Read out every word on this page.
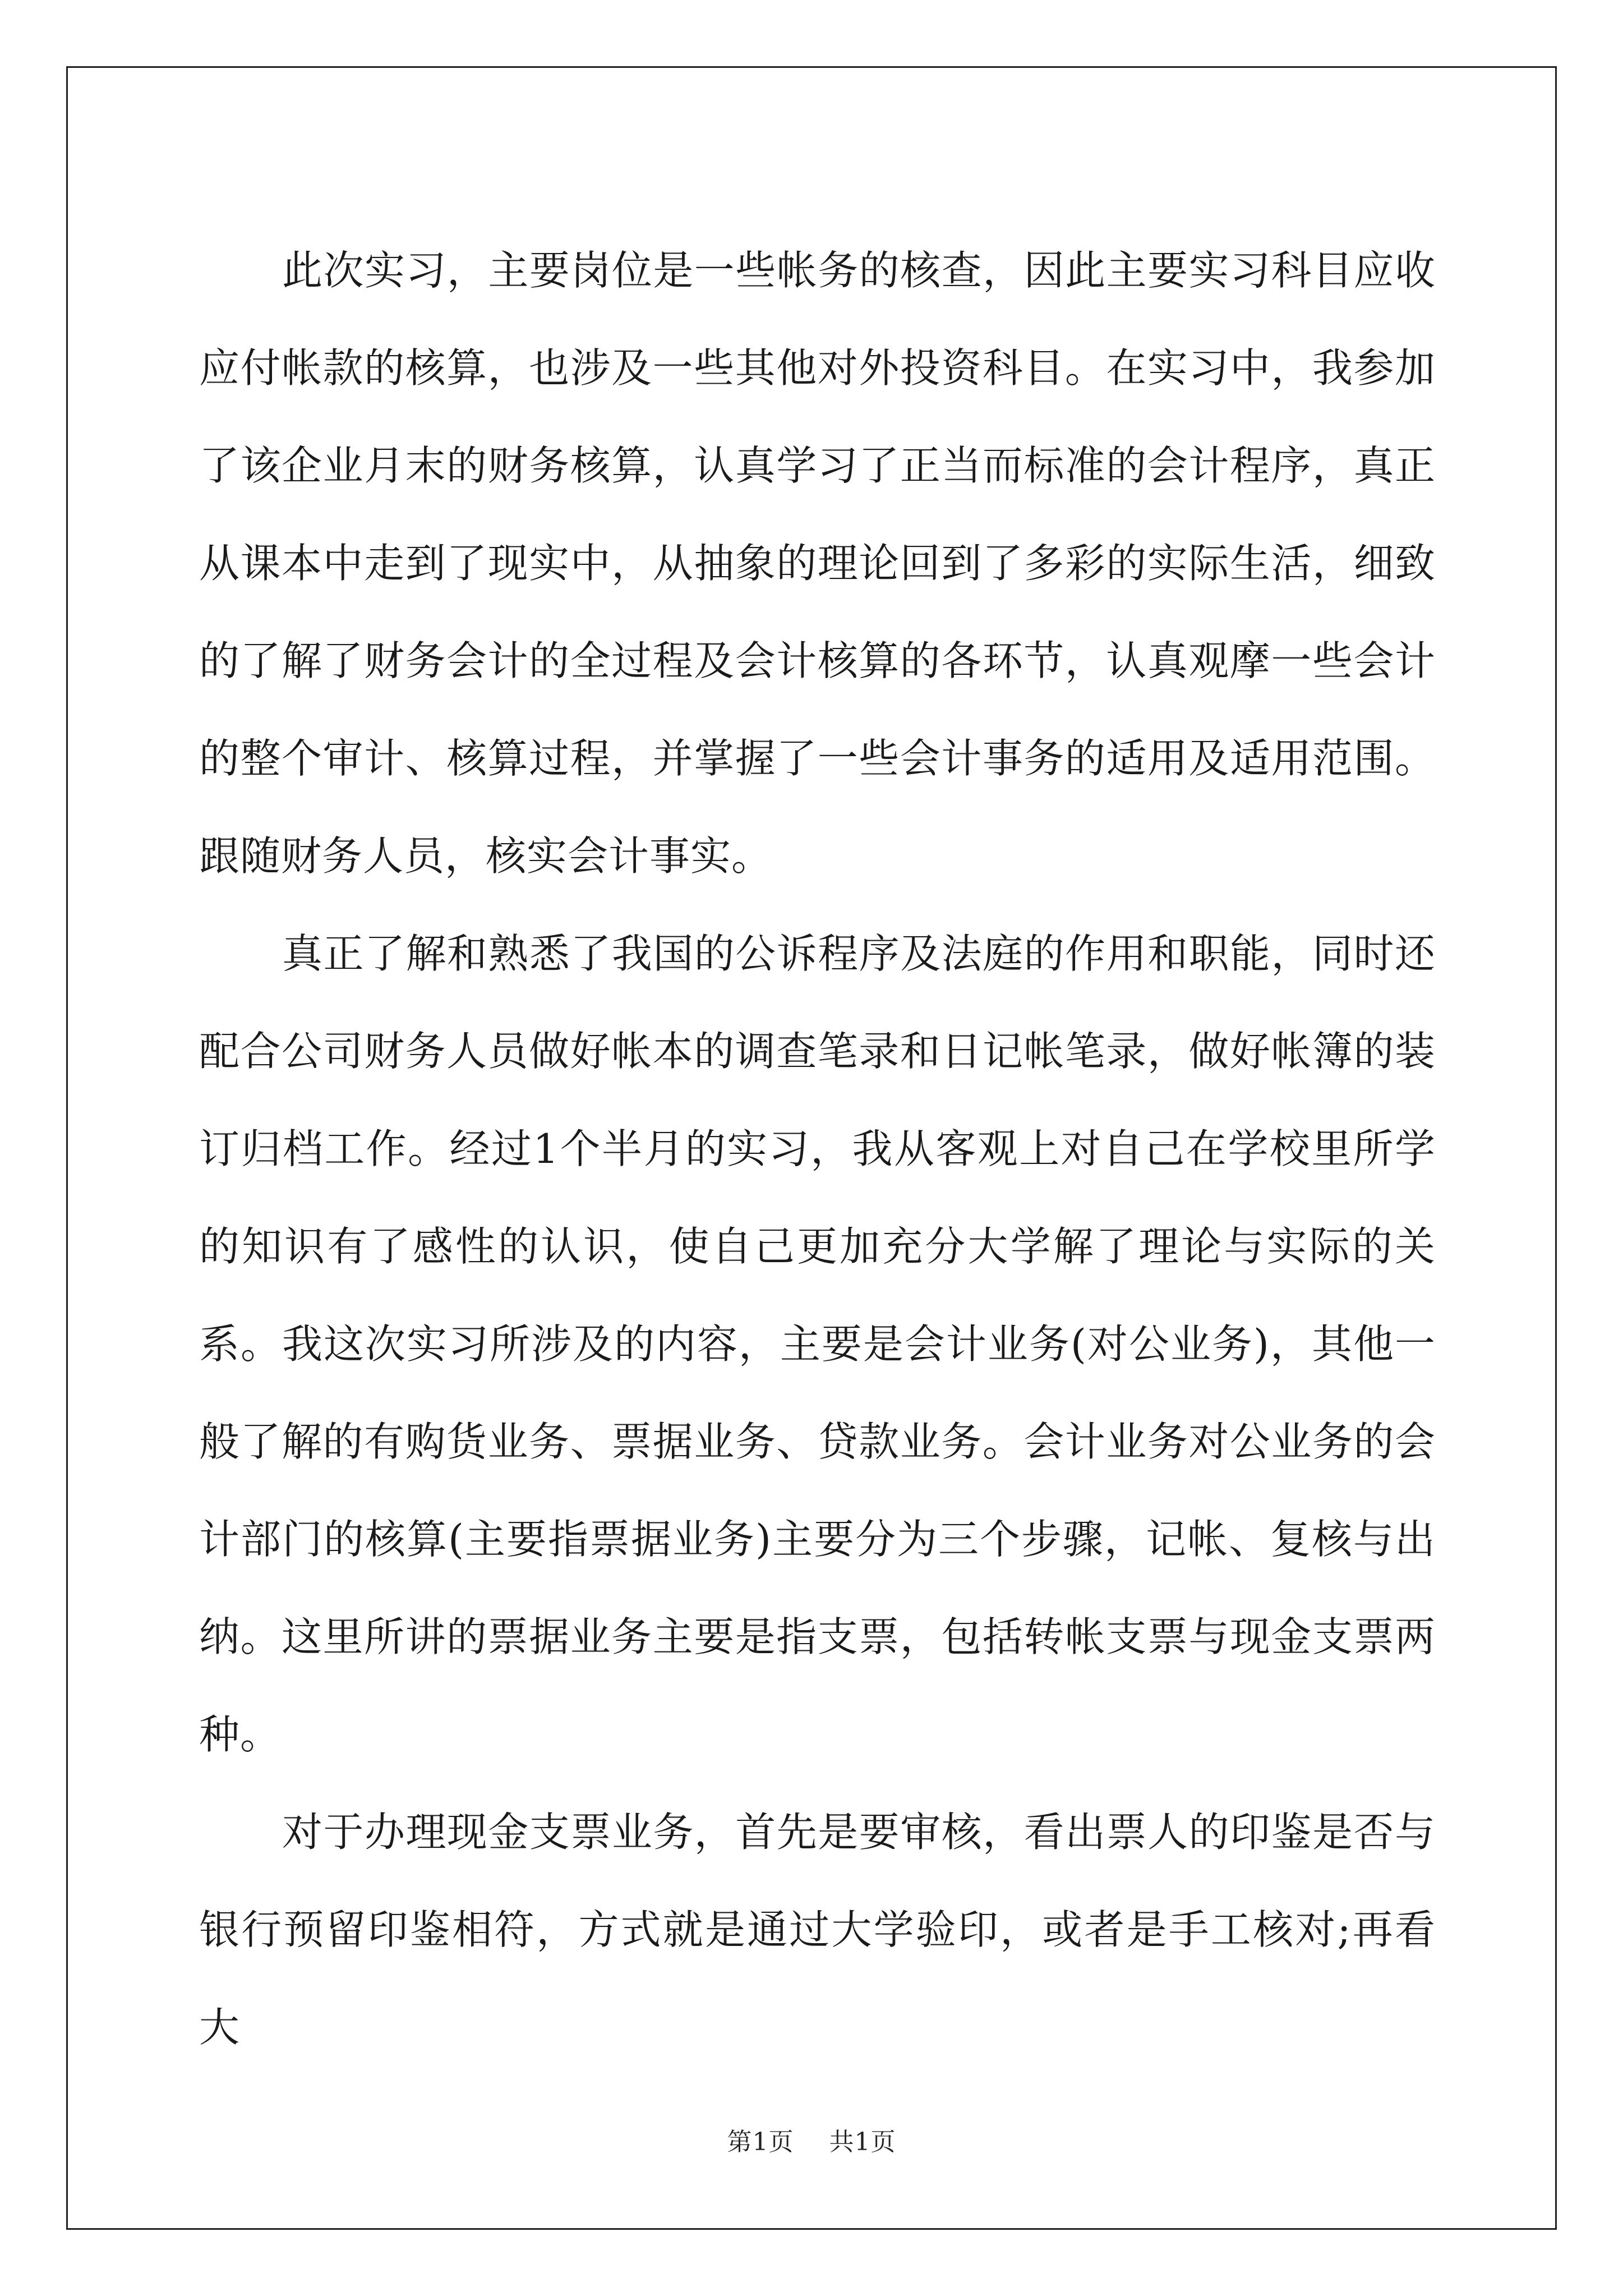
此次实习，主要岗位是一些帐务的核查，因此主要实习科目应收应付帐款的核算，也涉及一些其他对外投资科目。在实习中，我参加了该企业月末的财务核算，认真学习了正当而标准的会计程序，真正从课本中走到了现实中，从抽象的理论回到了多彩的实际生活，细致的了解了财务会计的全过程及会计核算的各环节，认真观摩一些会计的整个审计、核算过程，并掌握了一些会计事务的适用及适用范围。跟随财务人员，核实会计事实。

真正了解和熟悉了我国的公诉程序及法庭的作用和职能，同时还配合公司财务人员做好帐本的调查笔录和日记帐笔录，做好帐簿的装订归档工作。经过1个半月的实习，我从客观上对自己在学校里所学的知识有了感性的认识，使自己更加充分大学解了理论与实际的关系。我这次实习所涉及的内容，主要是会计业务(对公业务)，其他一般了解的有购货业务、票据业务、贷款业务。会计业务对公业务的会计部门的核算(主要指票据业务)主要分为三个步骤，记帐、复核与出纳。这里所讲的票据业务主要是指支票，包括转帐支票与现金支票两种。

对于办理现金支票业务，首先是要审核，看出票人的印鉴是否与银行预留印鉴相符，方式就是通过大学验印，或者是手工核对;再看大

第1页 共1页
